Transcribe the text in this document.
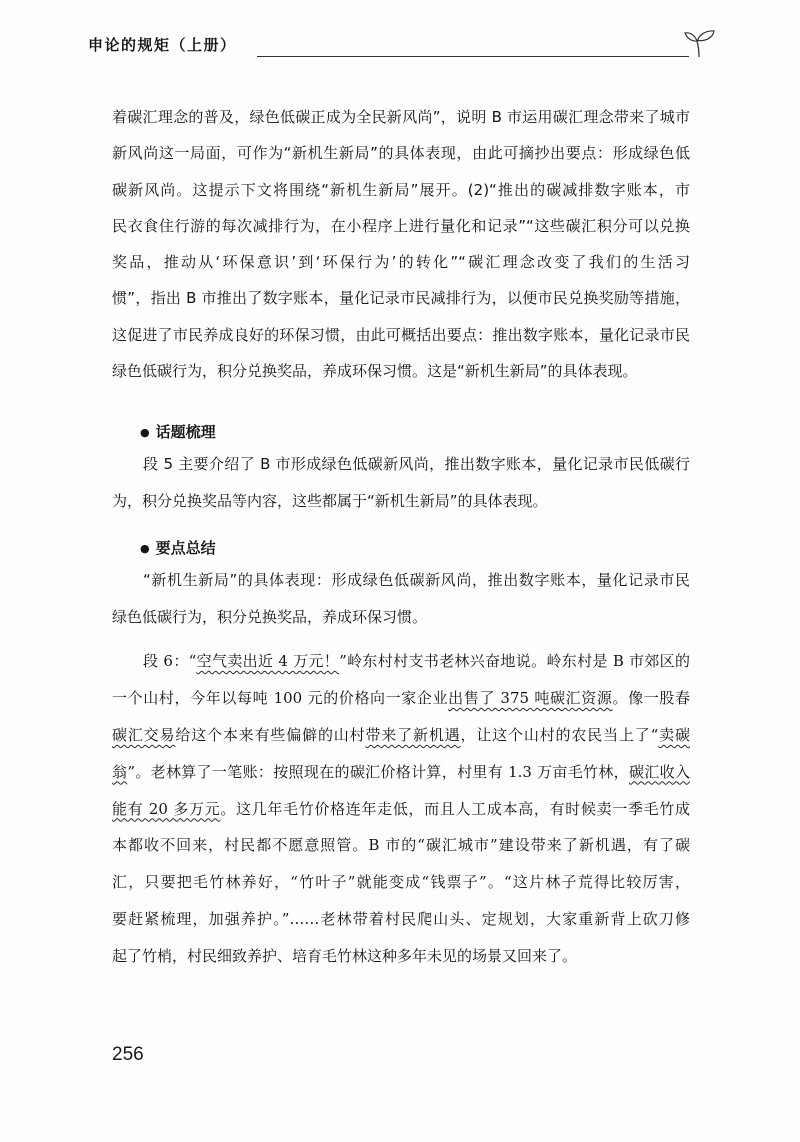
申论的规矩（上册）
着碳汇理念的普及，绿色低碳正成为全民新风尚”，说明 B 市运用碳汇理念带来了城市
新风尚这一局面，可作为“新机生新局”的具体表现，由此可摘抄出要点：形成绿色低
碳新风尚。这提示下文将围绕“新机生新局”展开。(2)“推出的碳减排数字账本，市
民衣食住行游的每次减排行为，在小程序上进行量化和记录”“这些碳汇积分可以兑换
奖品，推动从‘环保意识’到‘环保行为’的转化”“碳汇理念改变了我们的生活习
惯”，指出 B 市推出了数字账本，量化记录市民减排行为，以便市民兑换奖励等措施，
这促进了市民养成良好的环保习惯，由此可概括出要点：推出数字账本，量化记录市民
绿色低碳行为，积分兑换奖品，养成环保习惯。这是“新机生新局”的具体表现。
● 话题梳理
段 5 主要介绍了 B 市形成绿色低碳新风尚，推出数字账本，量化记录市民低碳行
为，积分兑换奖品等内容，这些都属于“新机生新局”的具体表现。
● 要点总结
“新机生新局”的具体表现：形成绿色低碳新风尚，推出数字账本，量化记录市民
绿色低碳行为，积分兑换奖品，养成环保习惯。
段 6：“空气卖出近 4 万元！”岭东村村支书老林兴奋地说。岭东村是 B 市郊区的
一个山村，今年以每吨 100 元的价格向一家企业出售了 375 吨碳汇资源。像一股春
碳汇交易给这个本来有些偏僻的山村带来了新机遇，让这个山村的农民当上了“卖碳
翁”。老林算了一笔账：按照现在的碳汇价格计算，村里有 1.3 万亩毛竹林，碳汇收入
能有 20 多万元。这几年毛竹价格连年走低，而且人工成本高，有时候卖一季毛竹成
本都收不回来，村民都不愿意照管。B 市的“碳汇城市”建设带来了新机遇，有了碳
汇，只要把毛竹林养好，“竹叶子”就能变成“钱票子”。“这片林子荒得比较厉害，
要赶紧梳理，加强养护。”……老林带着村民爬山头、定规划，大家重新背上砍刀修
起了竹梢，村民细致养护、培育毛竹林这种多年未见的场景又回来了。
256
